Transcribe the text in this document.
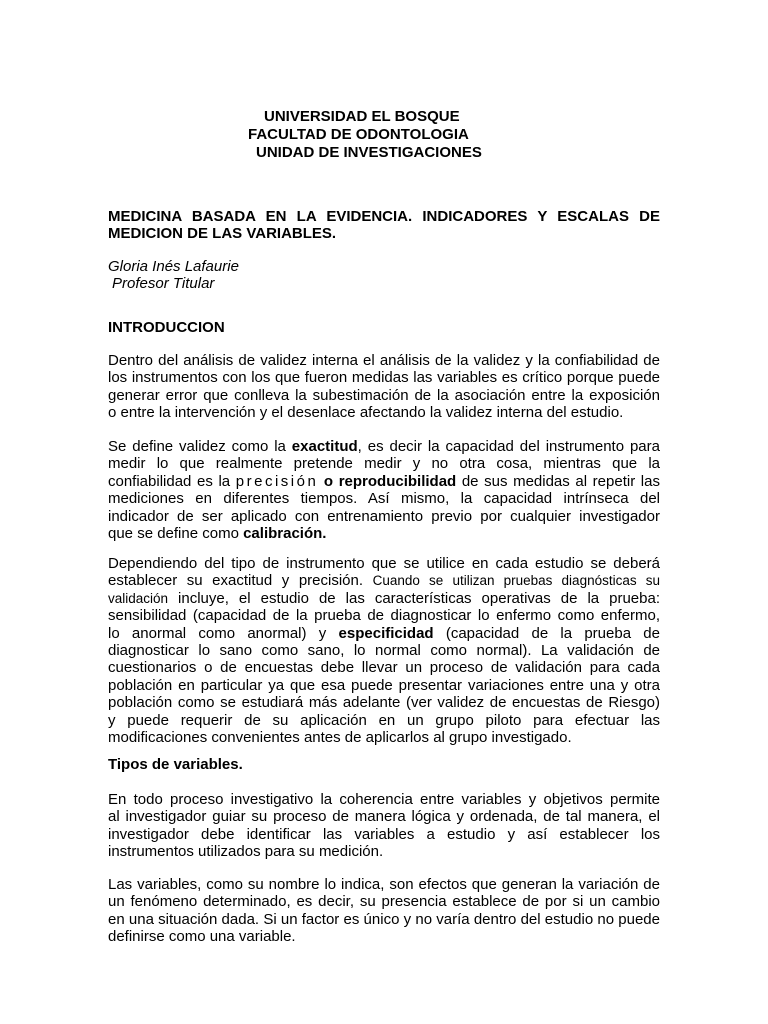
UNIVERSIDAD EL BOSQUE
FACULTAD DE ODONTOLOGIA
UNIDAD DE INVESTIGACIONES
MEDICINA BASADA EN LA EVIDENCIA. INDICADORES Y ESCALAS DE
MEDICION DE LAS VARIABLES.
Gloria Inés Lafaurie
Profesor Titular
INTRODUCCION
Dentro del análisis de validez interna el análisis de la validez y la confiabilidad de
los instrumentos con los que fueron medidas las variables es crítico porque puede
generar error que conlleva la subestimación de la asociación entre la exposición
o entre la intervención y el desenlace afectando la validez interna del estudio.
Se define validez como la exactitud, es decir la capacidad del instrumento para
medir lo que realmente pretende medir y no otra cosa, mientras que la
confiabilidad es la precisión o reproducibilidad de sus medidas al repetir las
mediciones en diferentes tiempos. Así mismo, la capacidad intrínseca del
indicador de ser aplicado con entrenamiento previo por cualquier investigador
que se define como calibración.
Dependiendo del tipo de instrumento que se utilice en cada estudio se deberá
establecer su exactitud y precisión. Cuando se utilizan pruebas diagnósticas su
validación incluye, el estudio de las características operativas de la prueba:
sensibilidad (capacidad de la prueba de diagnosticar lo enfermo como enfermo,
lo anormal como anormal) y especificidad (capacidad de la prueba de
diagnosticar lo sano como sano, lo normal como normal). La validación de
cuestionarios o de encuestas debe llevar un proceso de validación para cada
población en particular ya que esa puede presentar variaciones entre una y otra
población como se estudiará más adelante (ver validez de encuestas de Riesgo)
y puede requerir de su aplicación en un grupo piloto para efectuar las
modificaciones convenientes antes de aplicarlos al grupo investigado.
Tipos de variables.
En todo proceso investigativo la coherencia entre variables y objetivos permite
al investigador guiar su proceso de manera lógica y ordenada, de tal manera, el
investigador debe identificar las variables a estudio y así establecer los
instrumentos utilizados para su medición.
Las variables, como su nombre lo indica, son efectos que generan la variación de
un fenómeno determinado, es decir, su presencia establece de por si un cambio
en una situación dada. Si un factor es único y no varía dentro del estudio no puede
definirse como una variable.
